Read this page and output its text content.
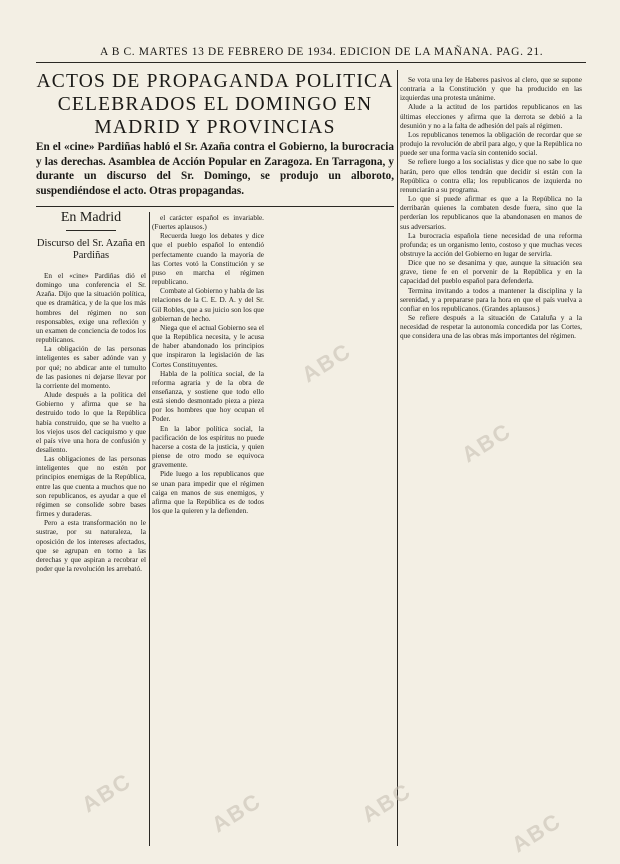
A B C. MARTES 13 DE FEBRERO DE 1934. EDICION DE LA MAÑANA. PAG. 21.
ACTOS DE PROPAGANDA POLITICA CELEBRADOS EL DOMINGO EN MADRID Y PROVINCIAS
En el «cine» Pardiñas habló el Sr. Azaña contra el Gobierno, la burocracia y las derechas. Asamblea de Acción Popular en Zaragoza. En Tarragona, y durante un discurso del Sr. Domingo, se produjo un alboroto, suspendiéndose el acto. Otras propagandas.
En Madrid
Discurso del Sr. Azaña en Pardiñas

En el «cine» Pardiñas dió el domingo una conferencia el Sr. Azaña. Dijo que la situación política, que es dramática, y de la que los más hombres del régimen no son responsables, exige una reflexión y un examen de conciencia de todos los republicanos.

La obligación de las personas inteligentes es saber adónde van y por qué; no abdicar ante el tumulto de las pasiones ni dejarse llevar por la corriente del momento.

Alude después a la política del Gobierno y afirma que se ha destruido todo lo que la República había construido, que se ha vuelto a los viejos usos del caciquismo y que el país vive una hora de confusión y desaliento.

Las obligaciones de las personas inteligentes que no estén por principios enemigas de la República, entre las que cuenta a muchos que no son republicanos, es ayudar a que el régimen se consolide sobre bases firmes y duraderas.

Pero a esta transformación no le sustrae, por su naturaleza, la oposición de los intereses afectados, que se agrupan en torno a las derechas y que aspiran a recobrar el poder que la revolución les arrebató.

el carácter español es invariable. (Fuertes aplausos.)

Recuerda luego los debates y dice que el pueblo español lo entendió perfectamente cuando la mayoría de las Cortes votó la Constitución y se puso en marcha el régimen republicano.

Combate al Gobierno y habla de las relaciones de la C. E. D. A. y del Sr. Gil Robles, que a su juicio son los que gobiernan de hecho.

Niega que el actual Gobierno sea el que la República necesita, y le acusa de haber abandonado los principios que inspiraron la legislación de las Cortes Constituyentes.

Habla de la política social, de la reforma agraria y de la obra de enseñanza, y sostiene que todo ello está siendo desmontado pieza a pieza por los hombres que hoy ocupan el Poder.

En la labor política social, la pacificación de los espíritus no puede hacerse a costa de la justicia, y quien piense de otro modo se equivoca gravemente.

Pide luego a los republicanos que se unan para impedir que el régimen caiga en manos de sus enemigos, y afirma que la República es de todos los que la quieren y la defienden.

Se vota una ley de Haberes pasivos al clero, que se supone contraria a la Constitución y que ha producido en las izquierdas una protesta unánime.

Alude a la actitud de los partidos republicanos en las últimas elecciones y afirma que la derrota se debió a la desunión y no a la falta de adhesión del país al régimen.

Los republicanos tenemos la obligación de recordar que se produjo la revolución de abril para algo, y que la República no puede ser una forma vacía sin contenido social.

Se refiere luego a los socialistas y dice que no sabe lo que harán, pero que ellos tendrán que decidir si están con la República o contra ella; los republicanos de izquierda no renunciarán a su programa.

Lo que sí puede afirmar es que a la República no la derribarán quienes la combaten desde fuera, sino que la perderían los republicanos que la abandonasen en manos de sus adversarios.

La burocracia española tiene necesidad de una reforma profunda; es un organismo lento, costoso y que muchas veces obstruye la acción del Gobierno en lugar de servirla.

Dice que no se desanima y que, aunque la situación sea grave, tiene fe en el porvenir de la República y en la capacidad del pueblo español para defenderla.

Termina invitando a todos a mantener la disciplina y la serenidad, y a prepararse para la hora en que el país vuelva a confiar en los republicanos. (Grandes aplausos.)

Se refiere después a la situación de Cataluña y a la necesidad de respetar la autonomía concedida por las Cortes, que considera una de las obras más importantes del régimen.

ABC	ABC	ABC
ABC
ABC
ABC
